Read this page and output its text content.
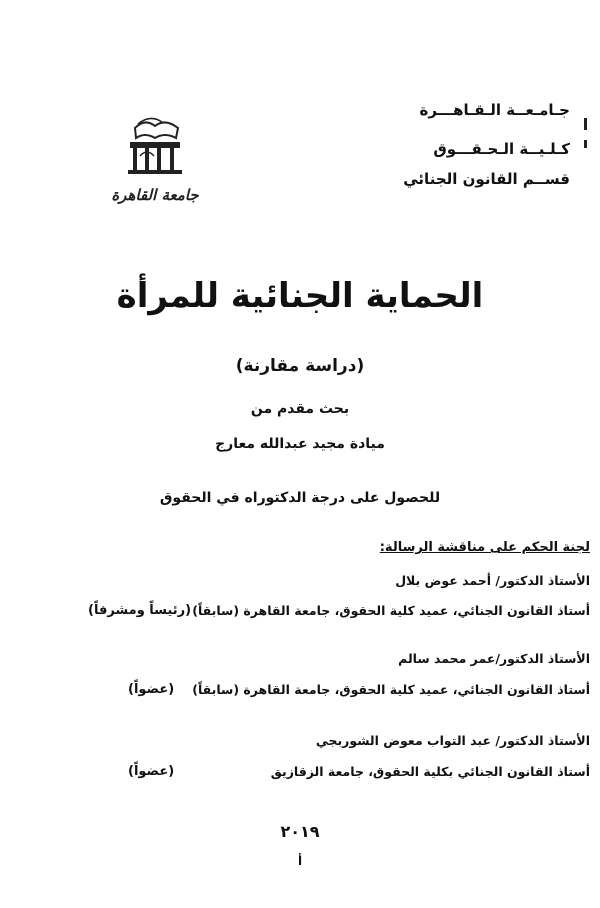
جـامـعــة الـقـاهـــرة
كـلـيــة الـحـقـــوق
قســم القانون الجنائي
جامعة القاهرة
الحماية الجنائية للمرأة
(دراسة مقارنة)
بحث مقدم من
ميادة مجيد عبدالله معارج
للحصول على درجة الدكتوراه في الحقوق
لجنة الحكم على مناقشة الرسالة:
الأستاذ الدكتور/ أحمد عوض بلال
أستاذ القانون الجنائي، عميد كلية الحقوق، جامعة القاهرة (سابقاً)
(رئيساً ومشرفاً)
الأستاذ الدكتور/عمر محمد سالم
أستاذ القانون الجنائي، عميد كلية الحقوق، جامعة القاهرة (سابقاً)
(عضواً)
الأستاذ الدكتور/ عبد التواب معوض الشوربجي
أستاذ القانون الجنائي بكلية الحقوق، جامعة الزقازيق
(عضواً)
٢٠١٩
أ
